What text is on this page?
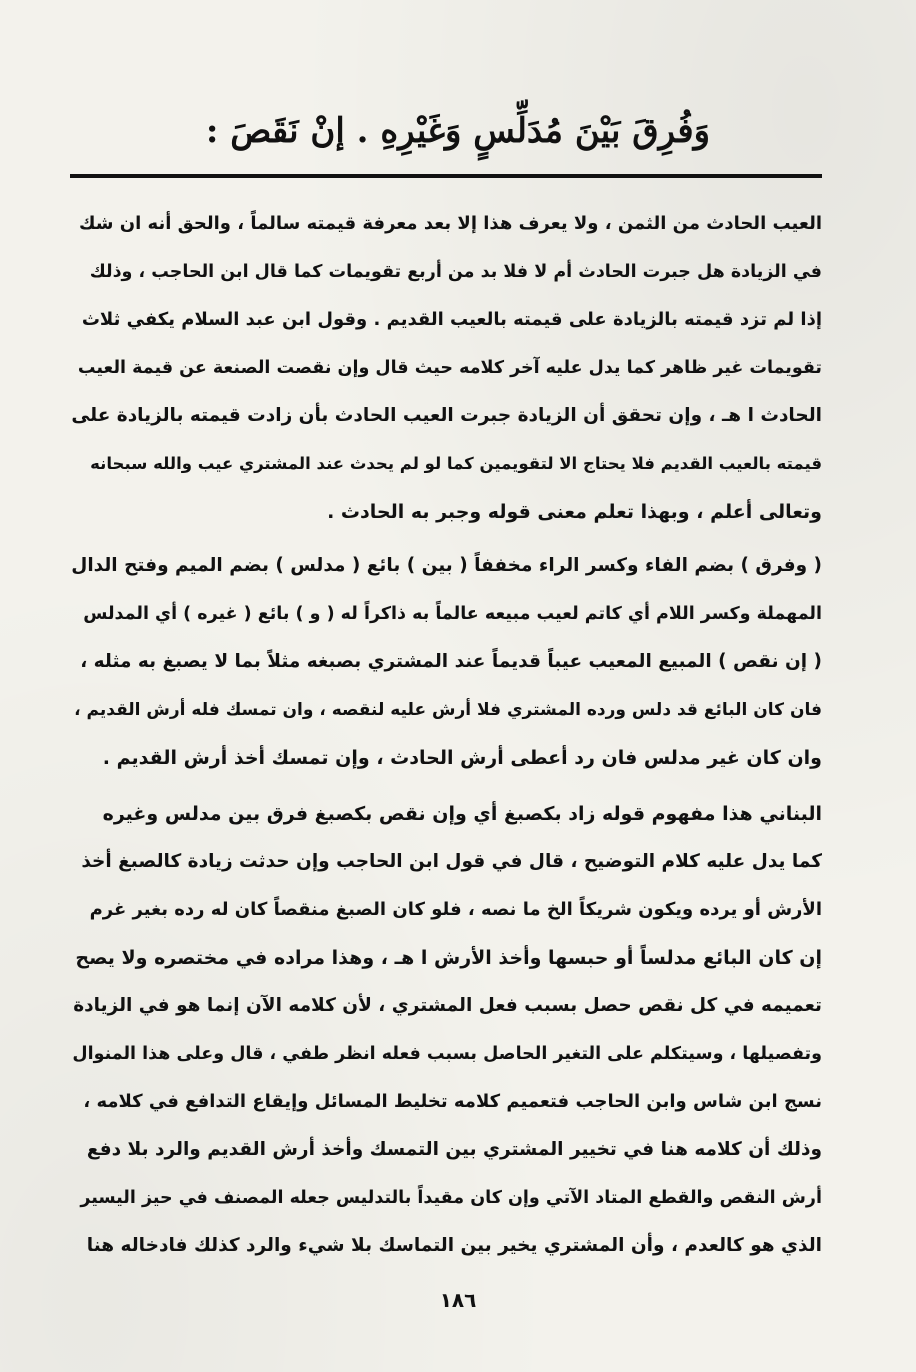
وَفُرِقَ بَيْنَ مُدَلِّسٍ وَغَيْرِهِ . إنْ نَقَصَ :

العيب الحادث من الثمن ، ولا يعرف هذا إلا بعد معرفة قيمته سالماً ، والحق أنه ان شك

في الزيادة هل جبرت الحادث أم لا فلا بد من أربع تقويمات كما قال ابن الحاجب ، وذلك

إذا لم تزد قيمته بالزيادة على قيمته بالعيب القديم . وقول ابن عبد السلام يكفي ثلاث

تقويمات غير ظاهر كما يدل عليه آخر كلامه حيث قال وإن نقصت الصنعة عن قيمة العيب

الحادث ا هـ ، وإن تحقق أن الزيادة جبرت العيب الحادث بأن زادت قيمته بالزيادة على

قيمته بالعيب القديم فلا يحتاج الا لتقويمين كما لو لم يحدث عند المشتري عيب والله سبحانه

وتعالى أعلم ، وبهذا تعلم معنى قوله وجبر به الحادث .

( وفرق ) بضم الفاء وكسر الراء مخففاً ( بين ) بائع ( مدلس ) بضم الميم وفتح الدال

المهملة وكسر اللام أي كاتم لعيب مبيعه عالماً به ذاكراً له ( و ) بائع ( غيره ) أي المدلس

( إن نقص ) المبيع المعيب عيباً قديماً عند المشتري بصبغه مثلاً بما لا يصبغ به مثله ،

فان كان البائع قد دلس ورده المشتري فلا أرش عليه لنقصه ، وان تمسك فله أرش القديم ،

وان كان غير مدلس فان رد أعطى أرش الحادث ، وإن تمسك أخذ أرش القديم .

البناني هذا مفهوم قوله زاد بكصبغ أي وإن نقص بكصبغ فرق بين مدلس وغيره

كما يدل عليه كلام التوضيح ، قال في قول ابن الحاجب وإن حدثت زيادة كالصبغ أخذ

الأرش أو يرده ويكون شريكاً الخ ما نصه ، فلو كان الصبغ منقصاً كان له رده بغير غرم

إن كان البائع مدلساً أو حبسها وأخذ الأرش ا هـ ، وهذا مراده في مختصره ولا يصح

تعميمه في كل نقص حصل بسبب فعل المشتري ، لأن كلامه الآن إنما هو في الزيادة

وتفصيلها ، وسيتكلم على التغير الحاصل بسبب فعله انظر طفي ، قال وعلى هذا المنوال

نسج ابن شاس وابن الحاجب فتعميم كلامه تخليط المسائل وإيقاع التدافع في كلامه ،

وذلك أن كلامه هنا في تخيير المشتري بين التمسك وأخذ أرش القديم والرد بلا دفع

أرش النقص والقطع المتاد الآتي وإن كان مقيداً بالتدليس جعله المصنف في حيز اليسير

الذي هو كالعدم ، وأن المشتري يخير بين التماسك بلا شيء والرد كذلك فادخاله هنا

١٨٦
